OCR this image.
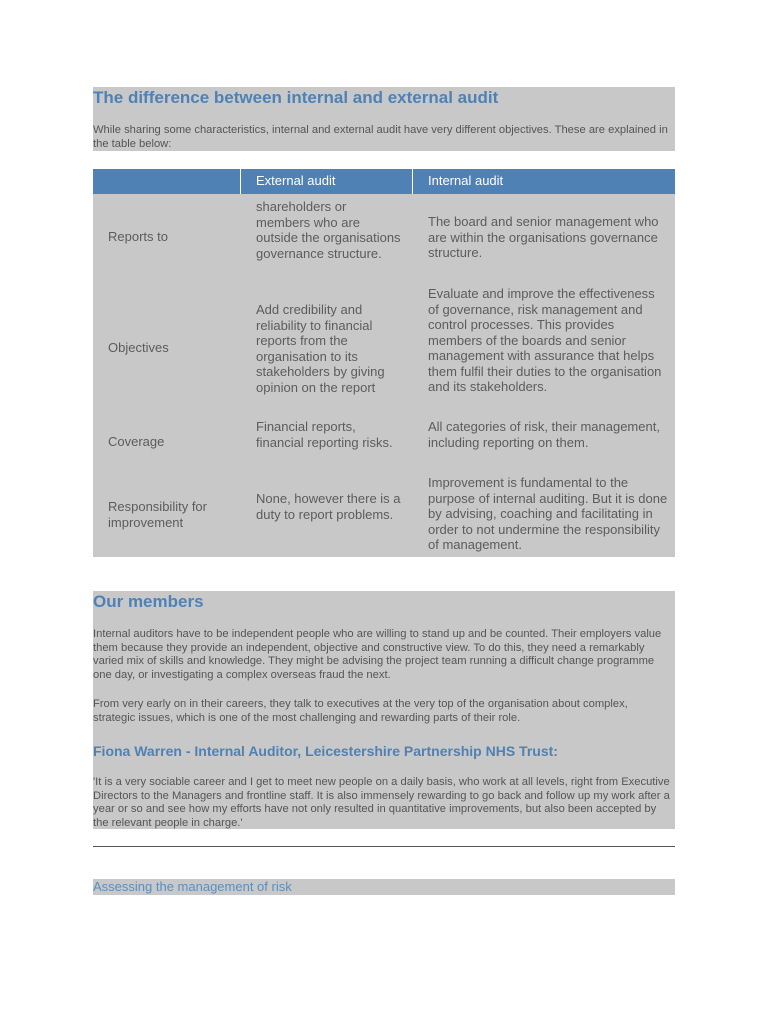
The difference between internal and external audit

While sharing some characteristics, internal and external audit have very different objectives. These are explained in the table below:

External audit	Internal audit
Reports to
shareholders or members who are outside the organisations governance structure.
The board and senior management who are within the organisations governance structure.
Objectives
Add credibility and reliability to financial reports from the organisation to its stakeholders by giving opinion on the report
Evaluate and improve the effectiveness of governance, risk management and control processes. This provides members of the boards and senior management with assurance that helps them fulfil their duties to the organisation and its stakeholders.
Coverage
Financial reports, financial reporting risks.
All categories of risk, their management, including reporting on them.
Responsibility for improvement
None, however there is a duty to report problems.
Improvement is fundamental to the purpose of internal auditing. But it is done by advising, coaching and facilitating in order to not undermine the responsibility of management.
Our members

Internal auditors have to be independent people who are willing to stand up and be counted. Their employers value them because they provide an independent, objective and constructive view. To do this, they need a remarkably varied mix of skills and knowledge. They might be advising the project team running a difficult change programme one day, or investigating a complex overseas fraud the next.

From very early on in their careers, they talk to executives at the very top of the organisation about complex, strategic issues, which is one of the most challenging and rewarding parts of their role.

Fiona Warren - Internal Auditor, Leicestershire Partnership NHS Trust:

'It is a very sociable career and I get to meet new people on a daily basis, who work at all levels, right from Executive Directors to the Managers and frontline staff. It is also immensely rewarding to go back and follow up my work after a year or so and see how my efforts have not only resulted in quantitative improvements, but also been accepted by the relevant people in charge.'

Assessing the management of risk
